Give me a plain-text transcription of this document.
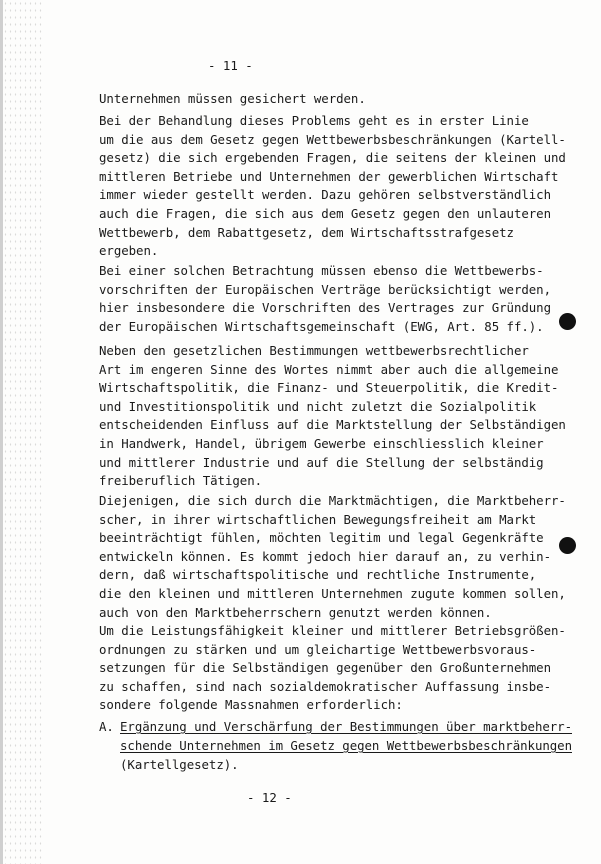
- 11 -
Unternehmen müssen gesichert werden.
Bei der Behandlung dieses Problems geht es in erster Linie
um die aus dem Gesetz gegen Wettbewerbsbeschränkungen (Kartell-
gesetz) die sich ergebenden Fragen, die seitens der kleinen und
mittleren Betriebe und Unternehmen der gewerblichen Wirtschaft
immer wieder gestellt werden. Dazu gehören selbstverständlich
auch die Fragen, die sich aus dem Gesetz gegen den unlauteren
Wettbewerb, dem Rabattgesetz, dem Wirtschaftsstrafgesetz
ergeben.
Bei einer solchen Betrachtung müssen ebenso die Wettbewerbs-
vorschriften der Europäischen Verträge berücksichtigt werden,
hier insbesondere die Vorschriften des Vertrages zur Gründung
der Europäischen Wirtschaftsgemeinschaft (EWG, Art. 85 ff.).
Neben den gesetzlichen Bestimmungen wettbewerbsrechtlicher
Art im engeren Sinne des Wortes nimmt aber auch die allgemeine
Wirtschaftspolitik, die Finanz- und Steuerpolitik, die Kredit-
und Investitionspolitik und nicht zuletzt die Sozialpolitik
entscheidenden Einfluss auf die Marktstellung der Selbständigen
in Handwerk, Handel, übrigem Gewerbe einschliesslich kleiner
und mittlerer Industrie und auf die Stellung der selbständig
freiberuflich Tätigen.
Diejenigen, die sich durch die Marktmächtigen, die Marktbeherr-
scher, in ihrer wirtschaftlichen Bewegungsfreiheit am Markt
beeinträchtigt fühlen, möchten legitim und legal Gegenkräfte
entwickeln können. Es kommt jedoch hier darauf an, zu verhin-
dern, daß wirtschaftspolitische und rechtliche Instrumente,
die den kleinen und mittleren Unternehmen zugute kommen sollen,
auch von den Marktbeherrschern genutzt werden können.
Um die Leistungsfähigkeit kleiner und mittlerer Betriebsgrößen-
ordnungen zu stärken und um gleichartige Wettbewerbsvoraus-
setzungen für die Selbständigen gegenüber den Großunternehmen
zu schaffen, sind nach sozialdemokratischer Auffassung insbe-
sondere folgende Massnahmen erforderlich:
A. Ergänzung und Verschärfung der Bestimmungen über marktbeherr-
schende Unternehmen im Gesetz gegen Wettbewerbsbeschränkungen
(Kartellgesetz).
- 12 -
